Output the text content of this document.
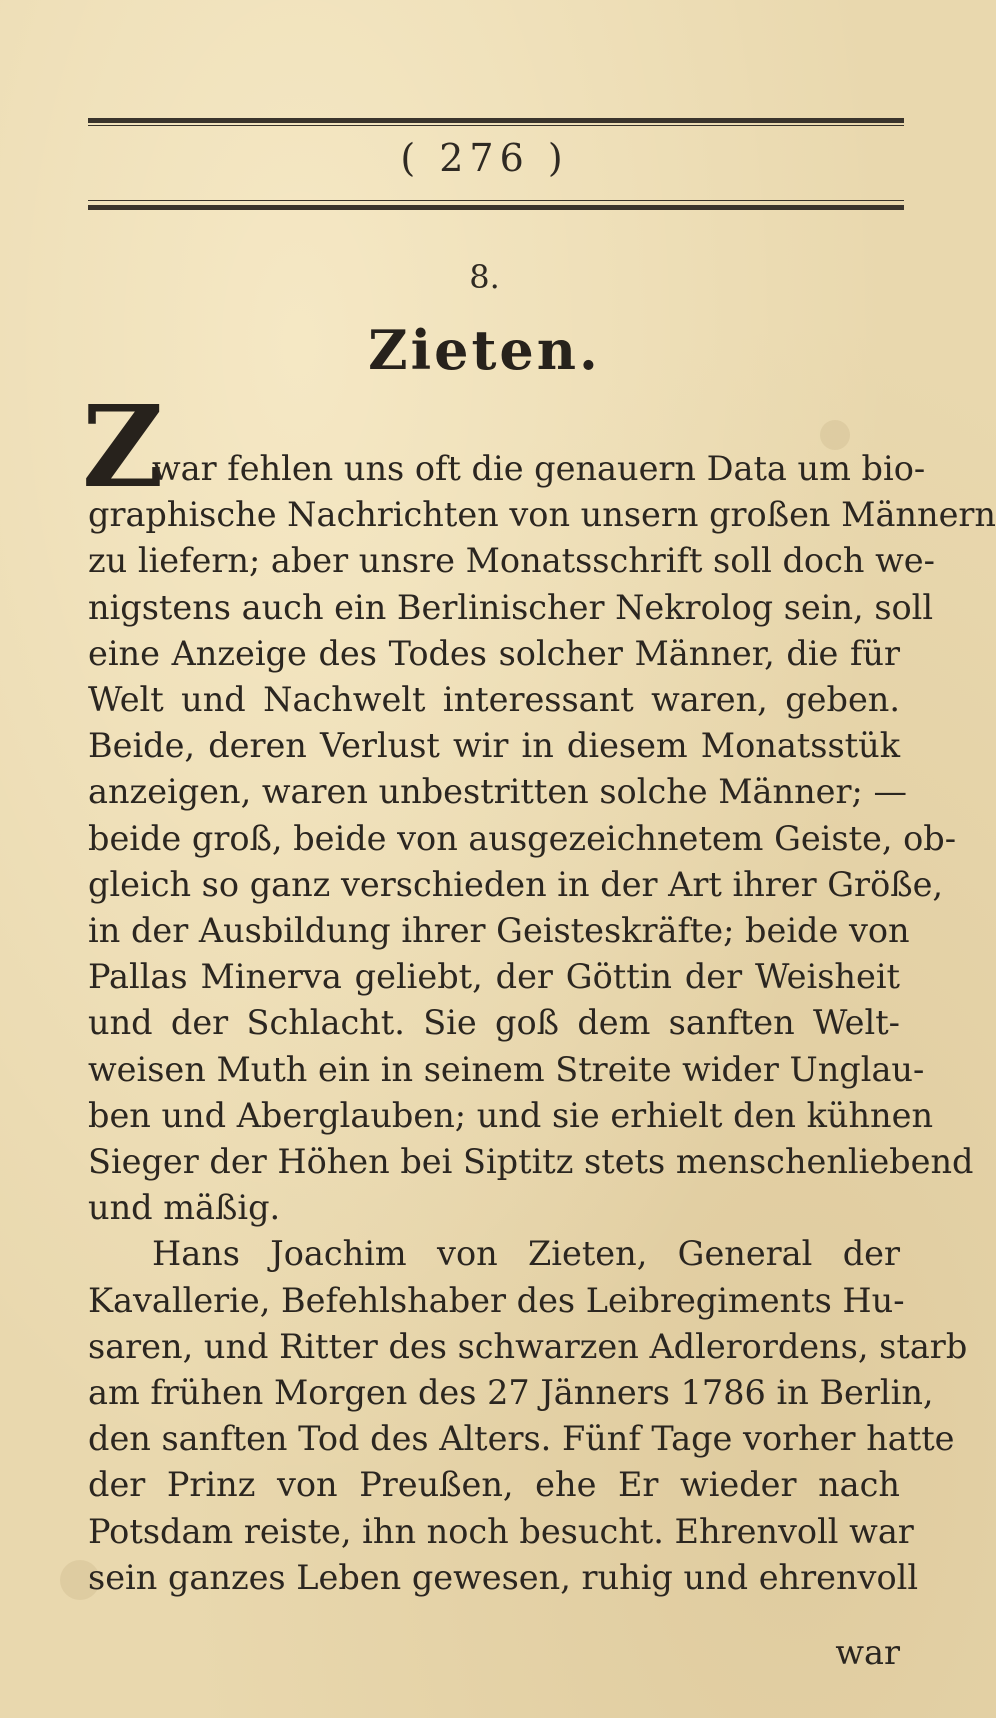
( 276 )
8.
Zieten.
Z
war fehlen uns oft die genauern Data um bio-
graphische Nachrichten von unsern großen Männern
zu liefern; aber unsre Monatsschrift soll doch we-
nigstens auch ein Berlinischer Nekrolog sein, soll
eine Anzeige des Todes solcher Männer, die für
Welt und Nachwelt interessant waren, geben.
Beide, deren Verlust wir in diesem Monatsstük
anzeigen, waren unbestritten solche Männer; —
beide groß, beide von ausgezeichnetem Geiste, ob-
gleich so ganz verschieden in der Art ihrer Größe,
in der Ausbildung ihrer Geisteskräfte; beide von
Pallas Minerva geliebt, der Göttin der Weisheit
und der Schlacht. Sie goß dem sanften Welt-
weisen Muth ein in seinem Streite wider Unglau-
ben und Aberglauben; und sie erhielt den kühnen
Sieger der Höhen bei Siptitz stets menschenliebend
und mäßig.
Hans Joachim von Zieten, General der
Kavallerie, Befehlshaber des Leibregiments Hu-
saren, und Ritter des schwarzen Adlerordens, starb
am frühen Morgen des 27 Jänners 1786 in Berlin,
den sanften Tod des Alters. Fünf Tage vorher hatte
der Prinz von Preußen, ehe Er wieder nach
Potsdam reiste, ihn noch besucht. Ehrenvoll war
sein ganzes Leben gewesen, ruhig und ehrenvoll
war
